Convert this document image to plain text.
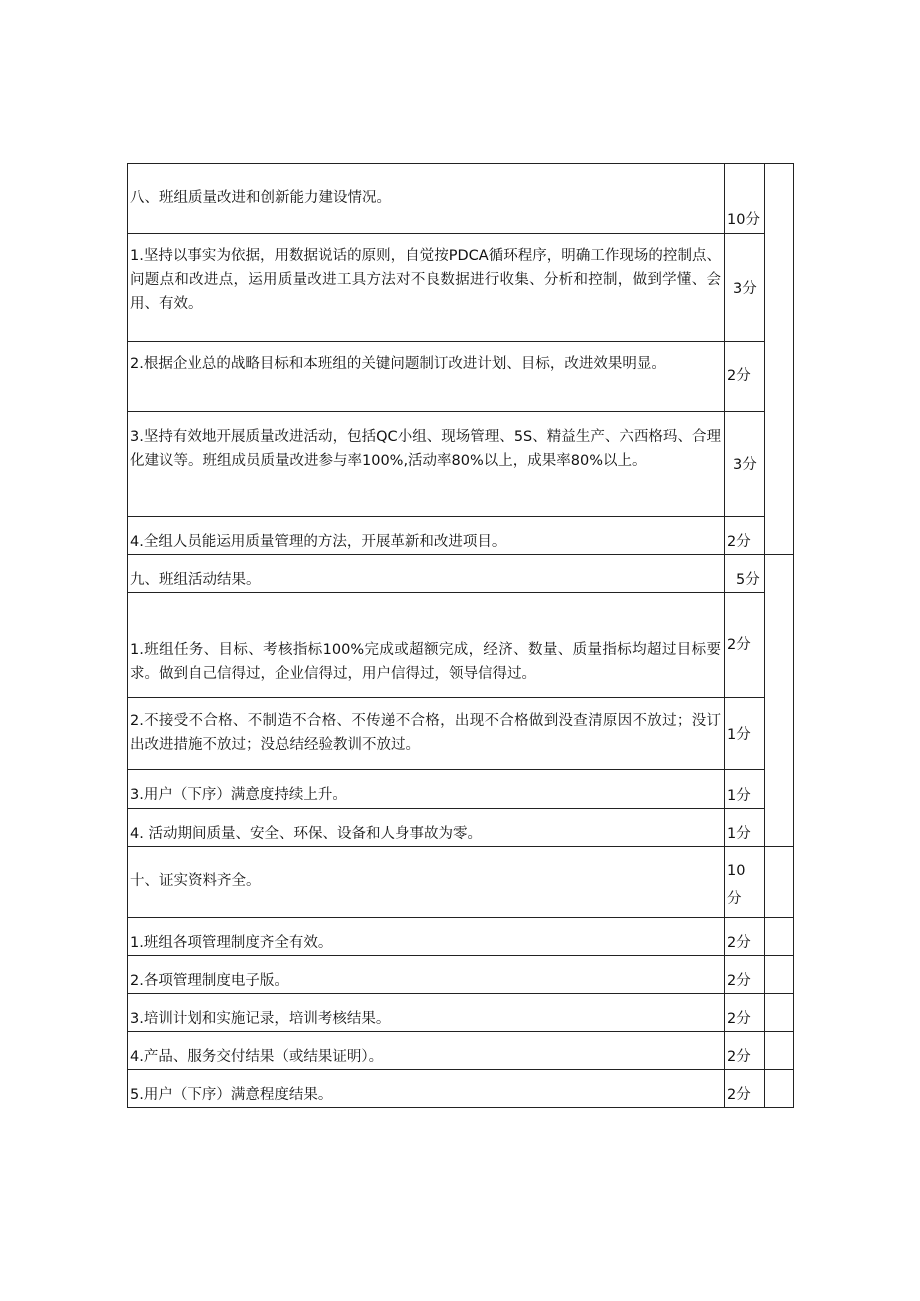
八、班组质量改进和创新能力建设情况。	10分	

1.坚持以事实为依据，用数据说话的原则，自觉按PDCA循环程序，明确工作现场的控制点、问题点和改进点，运用质量改进工具方法对不良数据进行收集、分析和控制，做到学懂、会用、有效。	3分	

2.根据企业总的战略目标和本班组的关键问题制订改进计划、目标，改进效果明显。	2分	

3.坚持有效地开展质量改进活动，包括QC小组、现场管理、5S、精益生产、六西格玛、合理化建议等。班组成员质量改进参与率100%,活动率80%以上，成果率80%以上。	3分	

4.全组人员能运用质量管理的方法，开展革新和改进项目。	2分	

九、班组活动结果。	5分	

1.班组任务、目标、考核指标100%完成或超额完成，经济、数量、质量指标均超过目标要求。做到自己信得过，企业信得过，用户信得过，领导信得过。	2分	

2.不接受不合格、不制造不合格、不传递不合格，出现不合格做到没查清原因不放过；没订出改进措施不放过；没总结经验教训不放过。	1分	

3.用户（下序）满意度持续上升。	1分	

4. 活动期间质量、安全、环保、设备和人身事故为零。	1分	

十、证实资料齐全。	10分	

1.班组各项管理制度齐全有效。	2分	

2.各项管理制度电子版。	2分	

3.培训计划和实施记录，培训考核结果。	2分	

4.产品、服务交付结果（或结果证明）。	2分	

5.用户（下序）满意程度结果。	2分	
